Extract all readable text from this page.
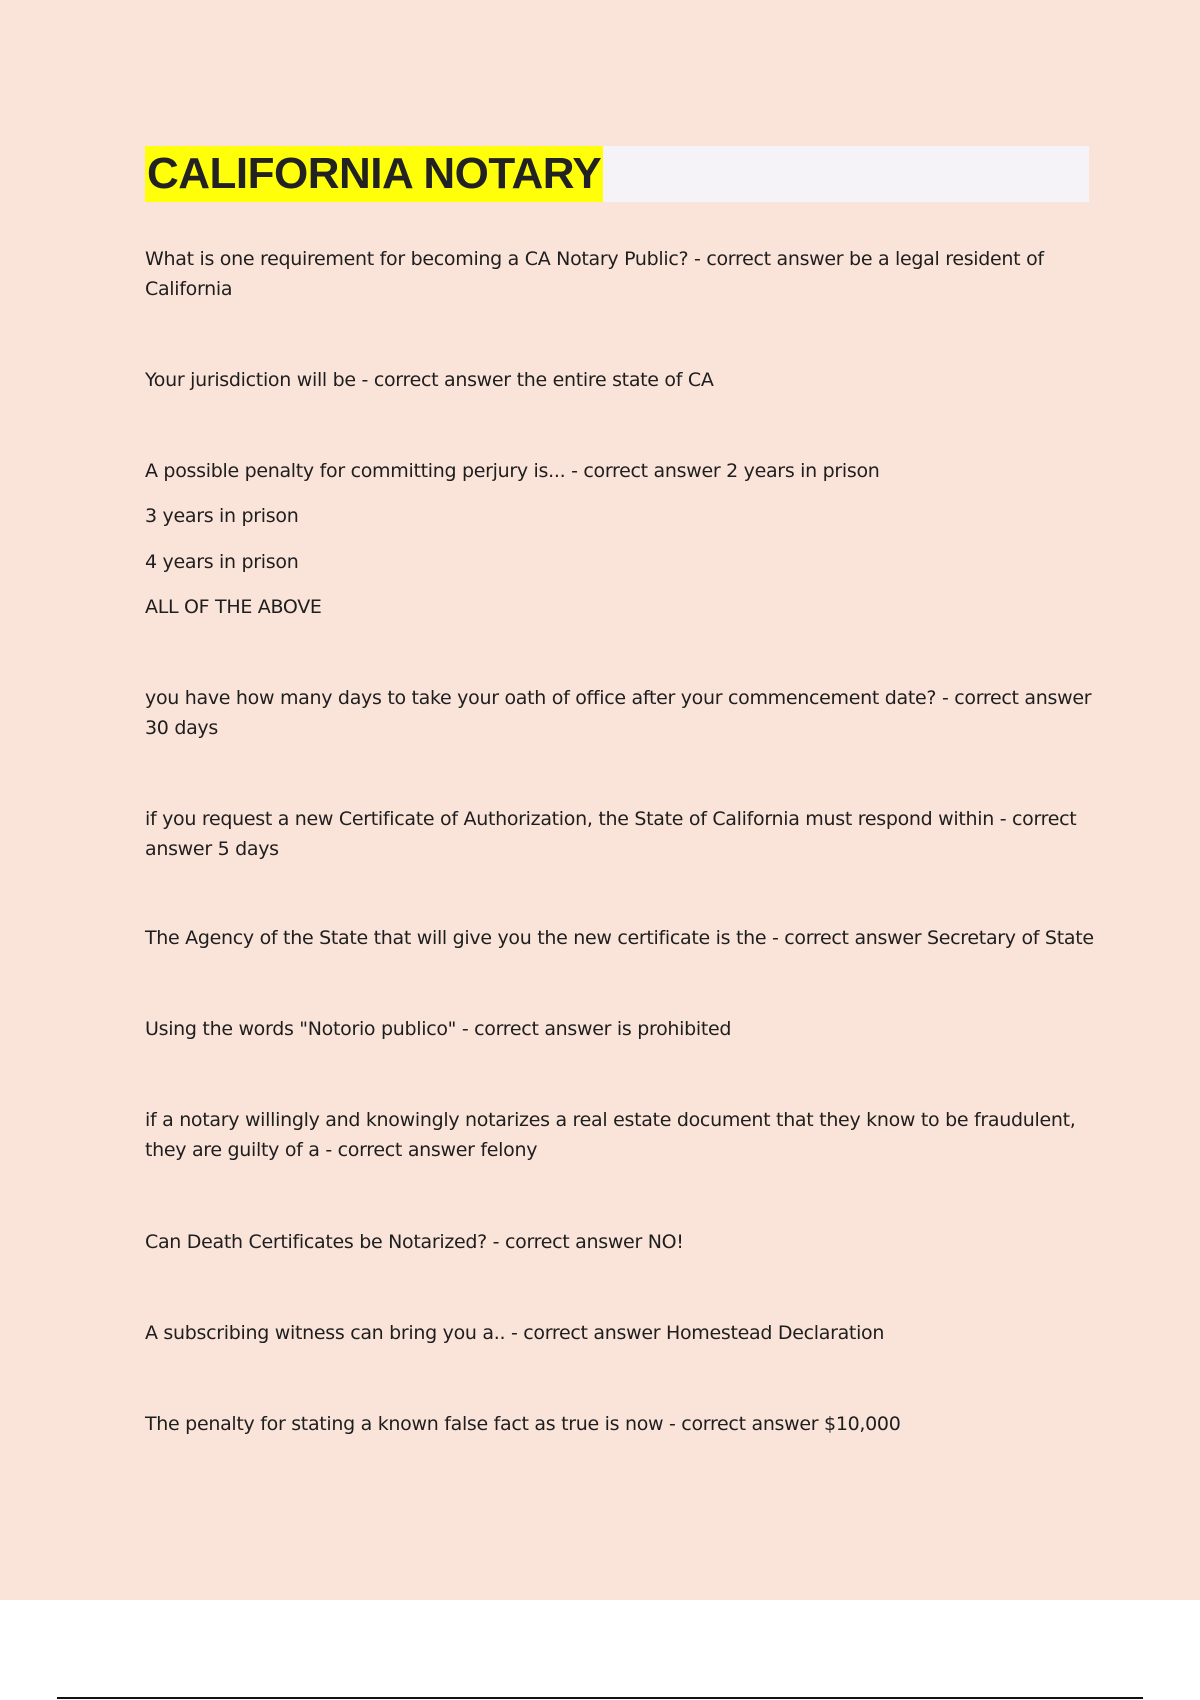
CALIFORNIA NOTARY

What is one requirement for becoming a CA Notary Public? - correct answer be a legal resident of California

Your jurisdiction will be - correct answer the entire state of CA

A possible penalty for committing perjury is... - correct answer 2 years in prison

3 years in prison

4 years in prison

ALL OF THE ABOVE

you have how many days to take your oath of office after your commencement date? - correct answer 30 days

if you request a new Certificate of Authorization, the State of California must respond within - correct answer 5 days

The Agency of the State that will give you the new certificate is the - correct answer Secretary of State

Using the words "Notorio publico" - correct answer is prohibited

if a notary willingly and knowingly notarizes a real estate document that they know to be fraudulent, they are guilty of a - correct answer felony

Can Death Certificates be Notarized? - correct answer NO!

A subscribing witness can bring you a.. - correct answer Homestead Declaration

The penalty for stating a known false fact as true is now - correct answer $10,000
